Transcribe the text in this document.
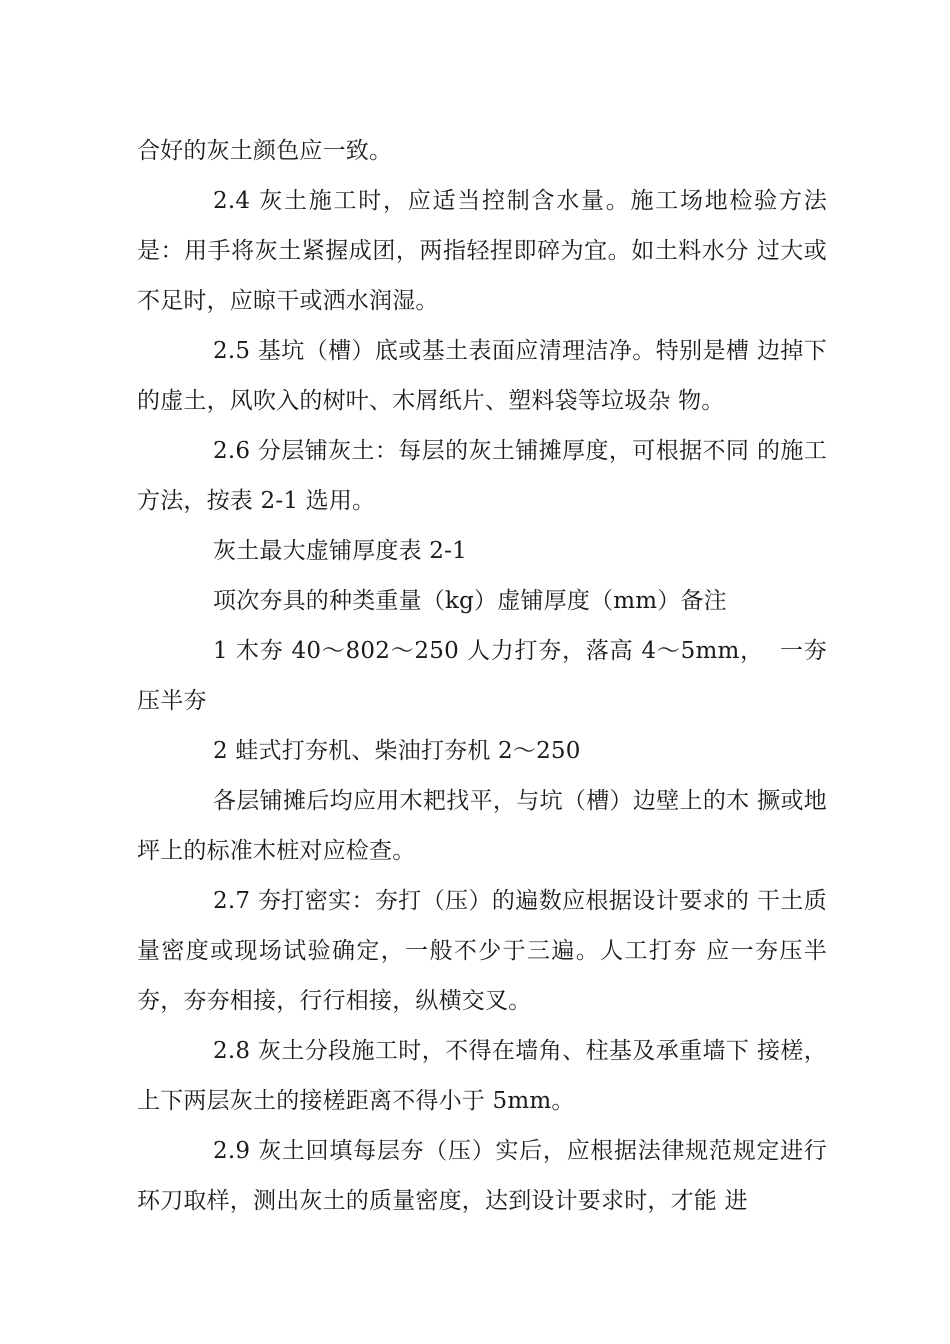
合好的灰土颜色应一致。

2.4 灰土施工时，应适当控制含水量。施工场地检验方法是：用手将灰土紧握成团，两指轻捏即碎为宜。如土料水分 过大或不足时，应晾干或洒水润湿。

2.5 基坑（槽）底或基土表面应清理洁净。特别是槽 边掉下的虚土，风吹入的树叶、木屑纸片、塑料袋等垃圾杂 物。

2.6 分层铺灰土：每层的灰土铺摊厚度，可根据不同 的施工方法，按表 2-1 选用。

灰土最大虚铺厚度表 2-1

项次夯具的种类重量（kg）虚铺厚度（mm）备注

1 木夯 40〜802〜250 人力打夯，落高 4〜5mm，  一夯压半夯

2 蛙式打夯机、柴油打夯机 2〜250

各层铺摊后均应用木耙找平，与坑（槽）边壁上的木 撅或地坪上的标准木桩对应检查。

2.7 夯打密实：夯打（压）的遍数应根据设计要求的 干土质量密度或现场试验确定，一般不少于三遍。人工打夯 应一夯压半夯，夯夯相接，行行相接，纵横交叉。

2.8 灰土分段施工时，不得在墙角、柱基及承重墙下 接槎，上下两层灰土的接槎距离不得小于 5mm。

2.9 灰土回填每层夯（压）实后，应根据法律规范规定进行环刀取样，测出灰土的质量密度，达到设计要求时，才能 进
